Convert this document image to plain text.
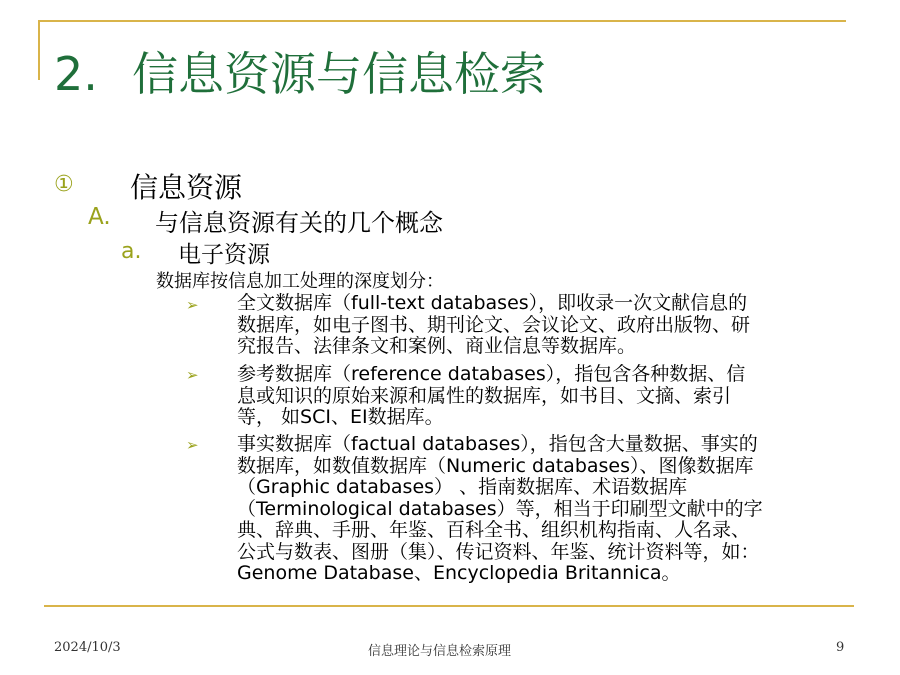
2. 信息资源与信息检索
① 信息资源
A. 与信息资源有关的几个概念
a. 电子资源
数据库按信息加工处理的深度划分：
➢ 全文数据库（full-text databases），即收录一次文献信息的
数据库，如电子图书、期刊论文、会议论文、政府出版物、研
究报告、法律条文和案例、商业信息等数据库。
➢ 参考数据库（reference databases），指包含各种数据、信
息或知识的原始来源和属性的数据库，如书目、文摘、索引
等， 如SCI、EI数据库。
➢ 事实数据库（factual databases），指包含大量数据、事实的
数据库，如数值数据库（Numeric databases）、图像数据库
（Graphic databases） 、指南数据库、术语数据库
（Terminological databases）等，相当于印刷型文献中的字
典、辞典、手册、年鉴、百科全书、组织机构指南、人名录、
公式与数表、图册（集）、传记资料、年鉴、统计资料等，如：
Genome Database、Encyclopedia Britannica。
2024/10/3	信息理论与信息检索原理	9
